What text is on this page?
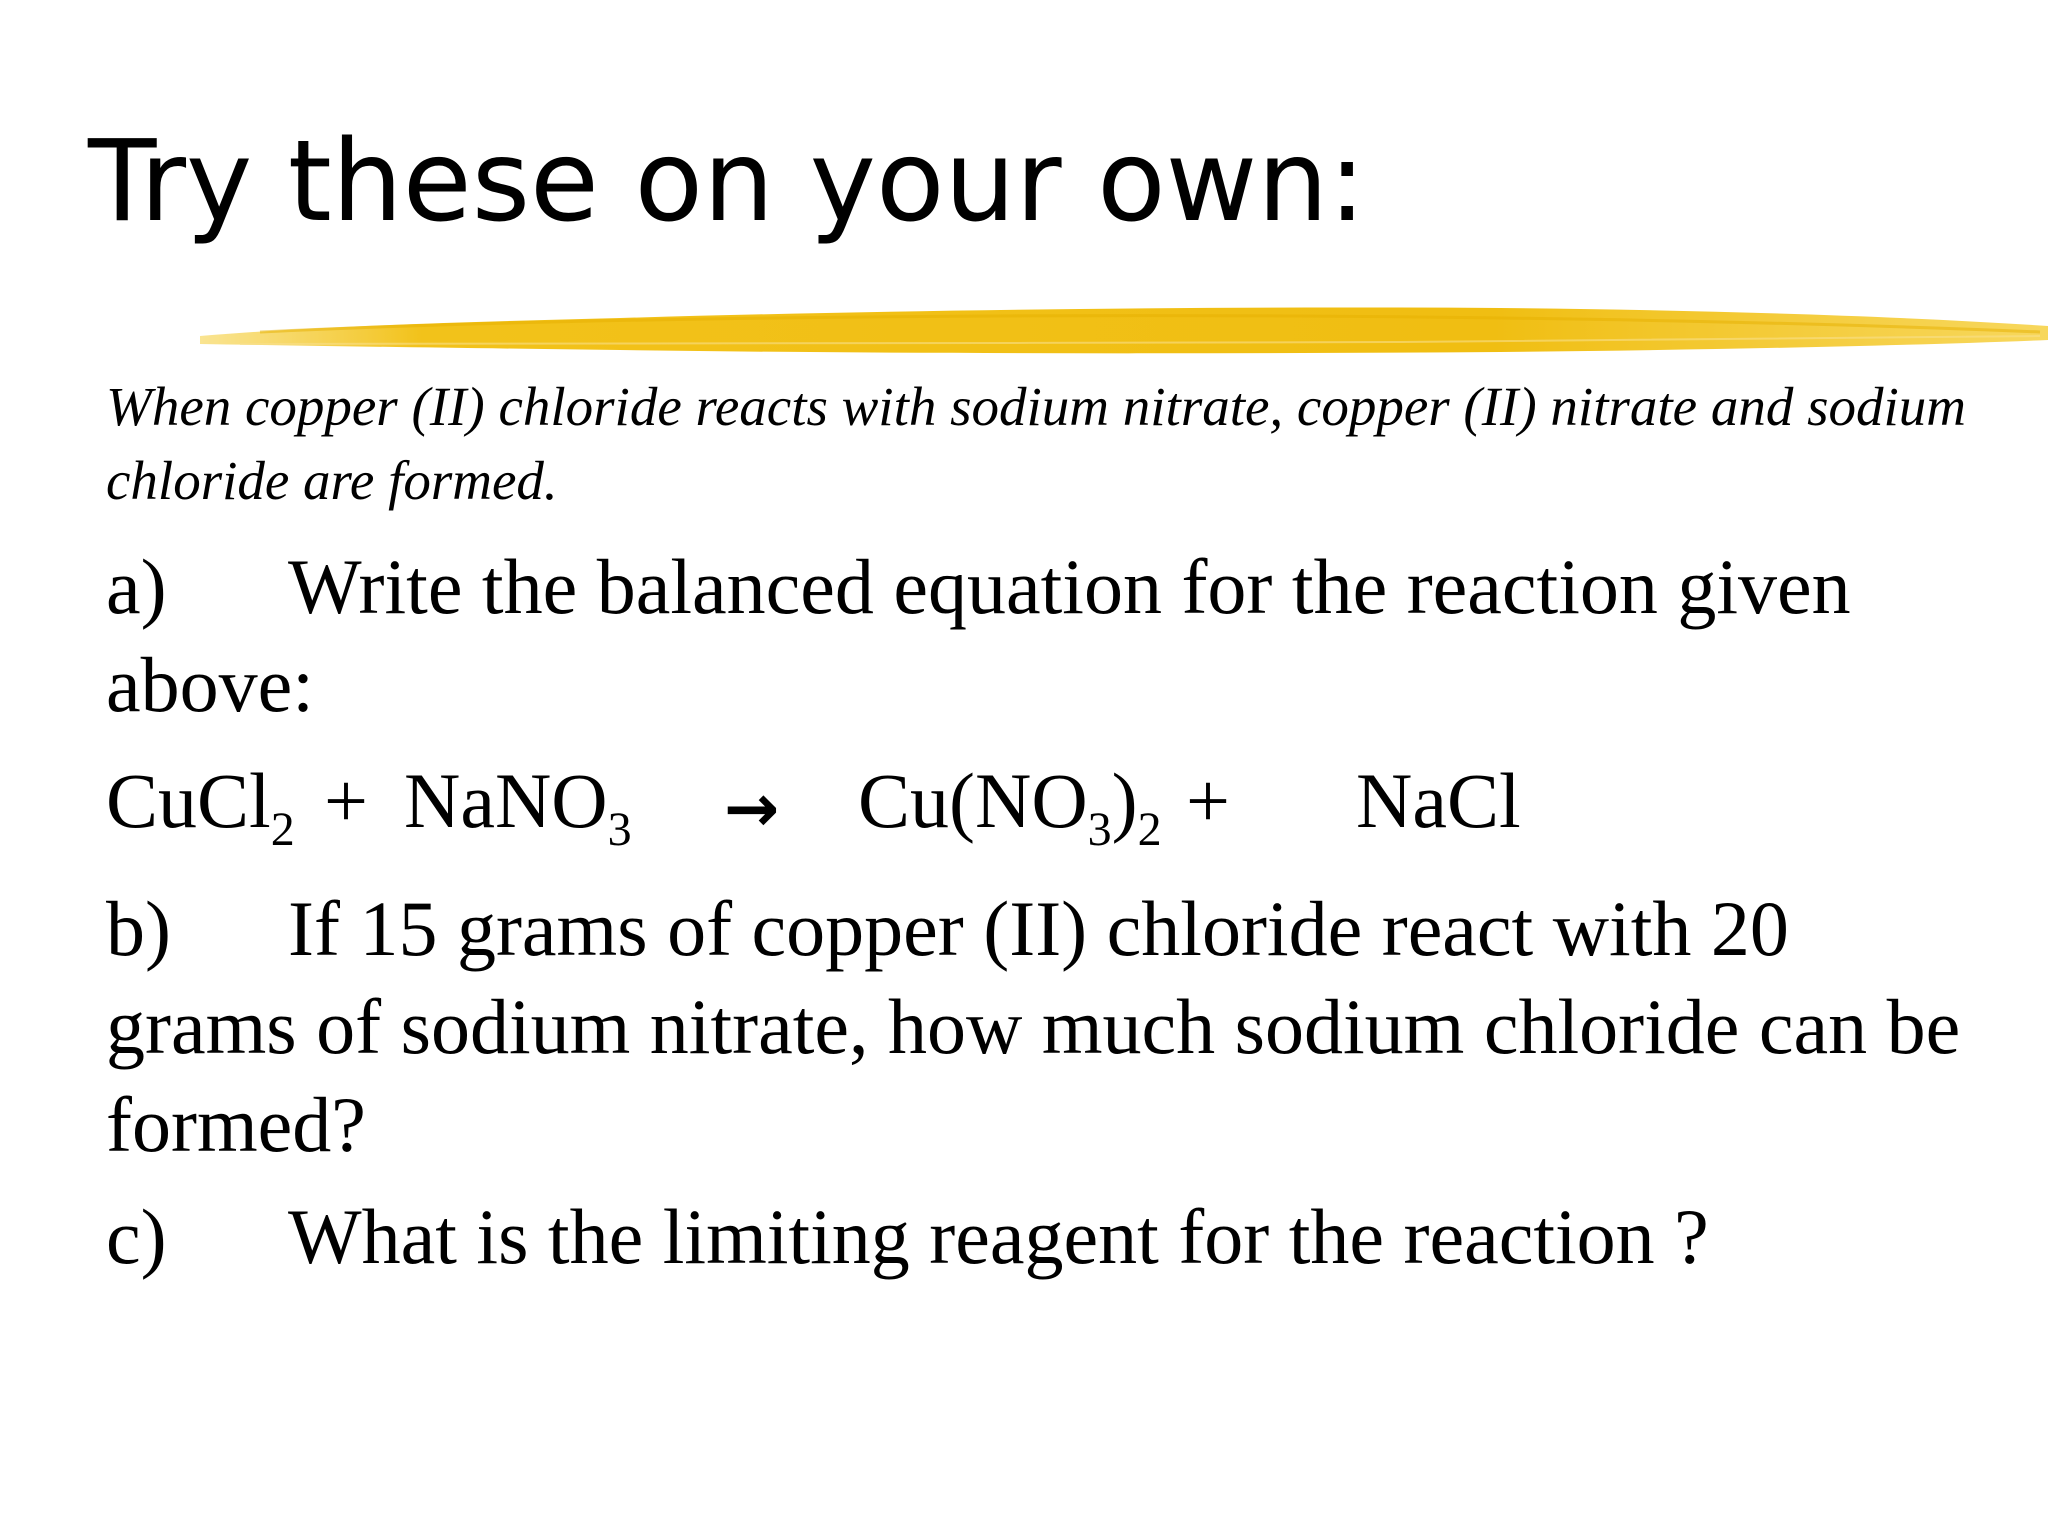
Try these on your own:

When copper (II) chloride reacts with sodium nitrate, copper (II) nitrate and sodium chloride are formed.

a) Write the balanced equation for the reaction given above:

CuCl$_2$ + NaNO$_3$ → $Cu(NO_3)_2$ + NaCl

b) If 15 grams of copper (II) chloride react with 20 grams of sodium nitrate, how much sodium chloride can be formed?

c) What is the limiting reagent for the reaction ?
